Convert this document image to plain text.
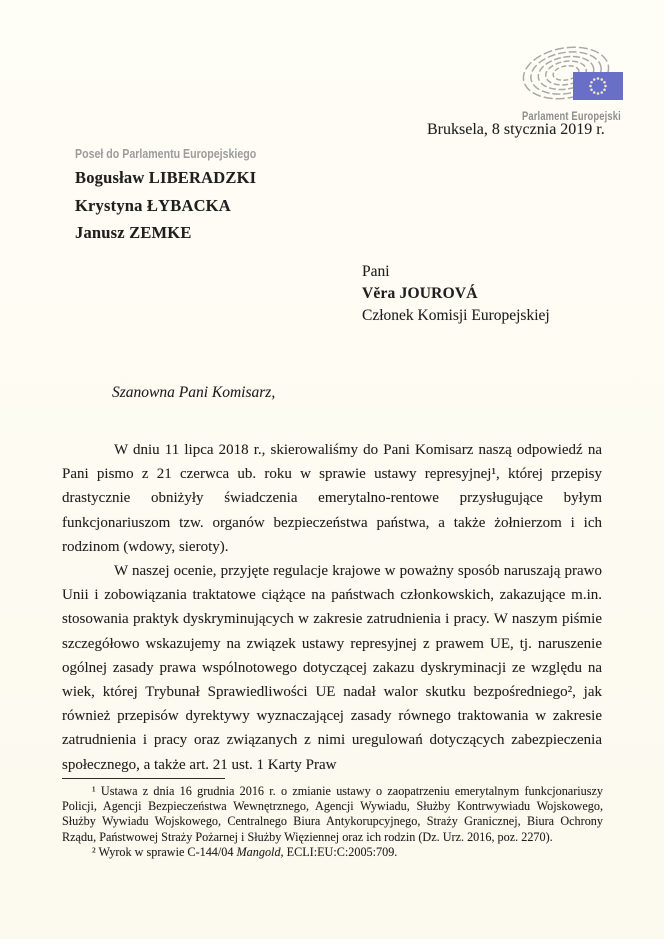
Parlament Europejski
Bruksela, 8 stycznia 2019 r.
Poseł do Parlamentu Europejskiego
Bogusław LIBERADZKI
Krystyna ŁYBACKA
Janusz ZEMKE
Pani
Věra JOUROVÁ
Członek Komisji Europejskiej
Szanowna Pani Komisarz,

W dniu 11 lipca 2018 r., skierowaliśmy do Pani Komisarz naszą odpowiedź na Pani pismo z 21 czerwca ub. roku w sprawie ustawy represyjnej¹, której przepisy drastycznie obniżyły świadczenia emerytalno-rentowe przysługujące byłym funkcjonariuszom tzw. organów bezpieczeństwa państwa, a także żołnierzom i ich rodzinom (wdowy, sieroty).

W naszej ocenie, przyjęte regulacje krajowe w poważny sposób naruszają prawo Unii i zobowiązania traktatowe ciążące na państwach członkowskich, zakazujące m.in. stosowania praktyk dyskryminujących w zakresie zatrudnienia i pracy. W naszym piśmie szczegółowo wskazujemy na związek ustawy represyjnej z prawem UE, tj. naruszenie ogólnej zasady prawa wspólnotowego dotyczącej zakazu dyskryminacji ze względu na wiek, której Trybunał Sprawiedliwości UE nadał walor skutku bezpośredniego², jak również przepisów dyrektywy wyznaczającej zasady równego traktowania w zakresie zatrudnienia i pracy oraz związanych z nimi uregulowań dotyczących zabezpieczenia społecznego, a także art. 21 ust. 1 Karty Praw

¹ Ustawa z dnia 16 grudnia 2016 r. o zmianie ustawy o zaopatrzeniu emerytalnym funkcjonariuszy Policji, Agencji Bezpieczeństwa Wewnętrznego, Agencji Wywiadu, Służby Kontrwywiadu Wojskowego, Służby Wywiadu Wojskowego, Centralnego Biura Antykorupcyjnego, Straży Granicznej, Biura Ochrony Rządu, Państwowej Straży Pożarnej i Służby Więziennej oraz ich rodzin (Dz. Urz. 2016, poz. 2270).

² Wyrok w sprawie C-144/04 Mangold, ECLI:EU:C:2005:709.
